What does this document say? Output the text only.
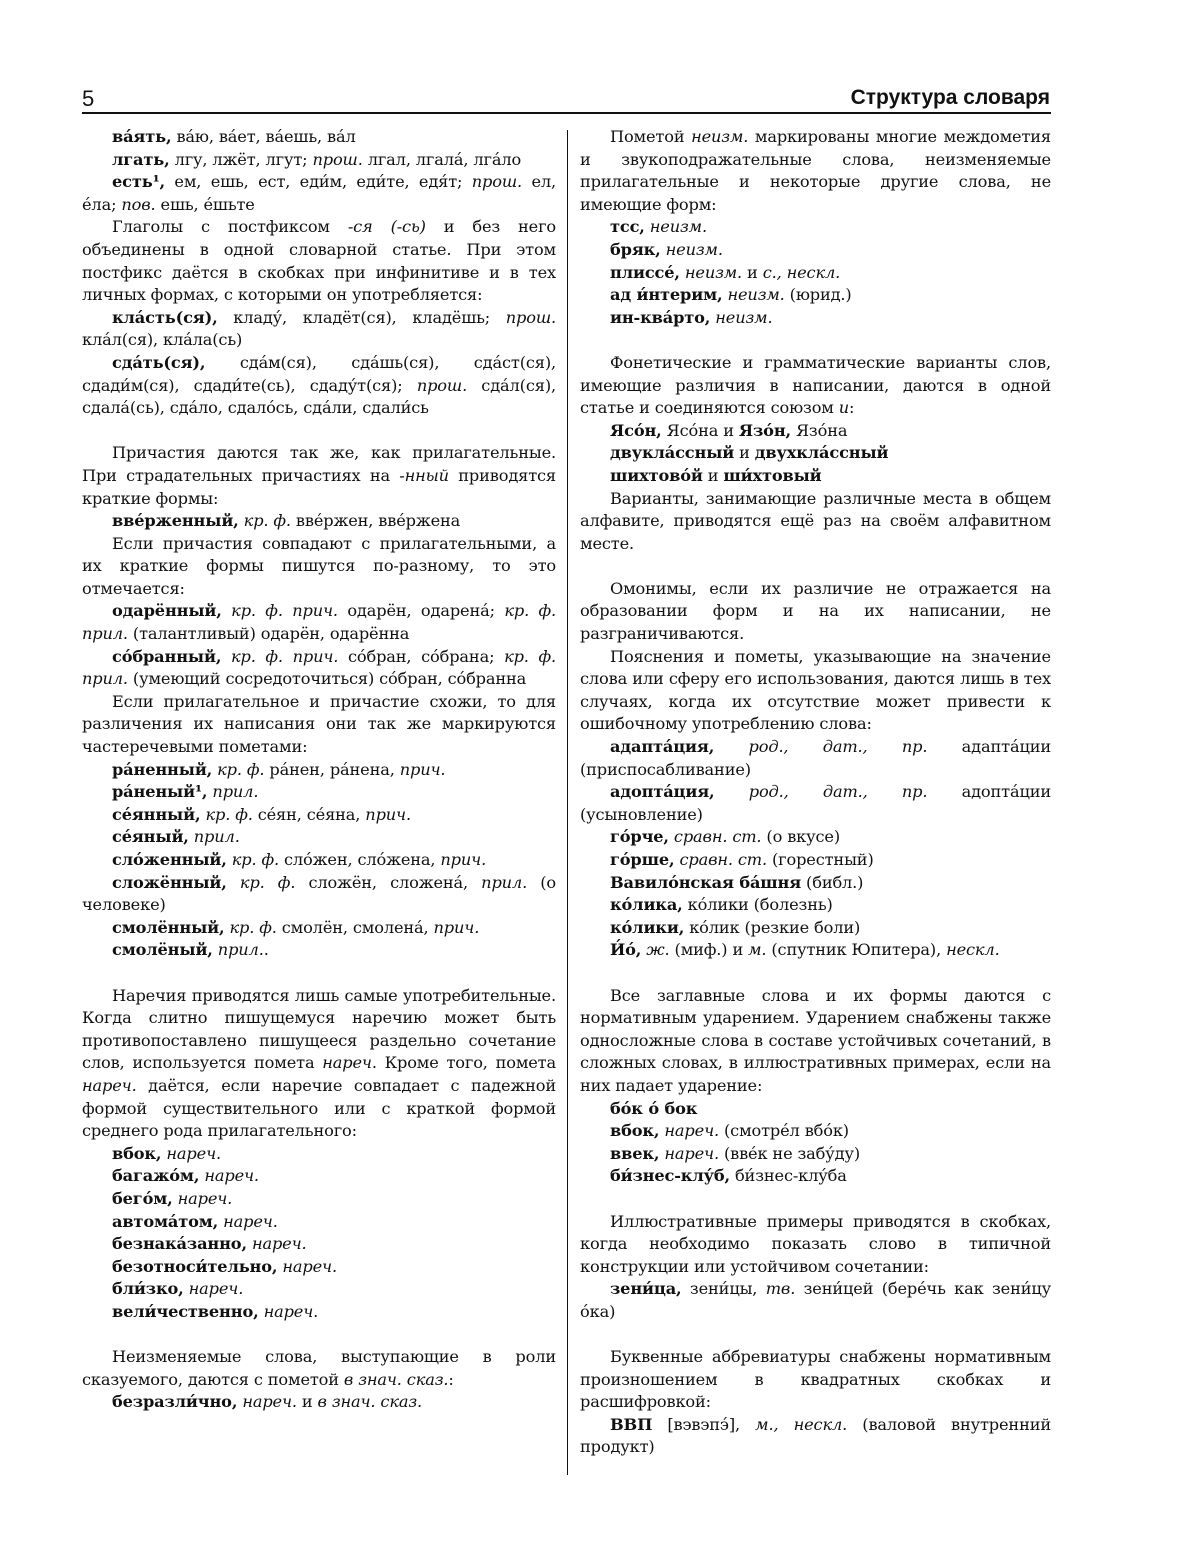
5	Структура словаря

ва́ять, ва́ю, ва́ет, ва́ешь, ва́л

лгать, лгу, лжёт, лгут; прош. лгал, лгала́, лга́ло

есть¹, ем, ешь, ест, еди́м, еди́те, едя́т; прош. ел, е́ла; пов. ешь, е́шьте

Глаголы с постфиксом -ся (-сь) и без него объединены в одной словарной статье. При этом постфикс даётся в скобках при инфинитиве и в тех личных формах, с которыми он употребляется:

кла́сть(ся), кладу́, кладёт(ся), кладёшь; прош. кла́л(ся), кла́ла(сь)

сда́ть(ся), сда́м(ся), сда́шь(ся), сда́ст(ся), сдади́м(ся), сдади́те(сь), сдаду́т(ся); прош. сда́л(ся), сдала́(сь), сда́ло, сдало́сь, сда́ли, сдали́сь

Причастия даются так же, как прилагательные. При страдательных причастиях на -нный приводятся краткие формы:

вве́рженный, кр. ф. вве́ржен, вве́ржена

Если причастия совпадают с прилагательными, а их краткие формы пишутся по-разному, то это отмечается:

одарённый, кр. ф. прич. одарён, одарена́; кр. ф. прил. (талантливый) одарён, одарённа

со́бранный, кр. ф. прич. со́бран, со́брана; кр. ф. прил. (умеющий сосредоточиться) со́бран, со́бранна

Если прилагательное и причастие схожи, то для различения их написания они так же маркируются частеречевыми пометами:

ра́ненный, кр. ф. ра́нен, ра́нена, прич.

ра́неный¹, прил.

се́янный, кр. ф. се́ян, се́яна, прич.

се́яный, прил.

сло́женный, кр. ф. сло́жен, сло́жена, прич.

сложённый, кр. ф. сложён, сложена́, прил. (о человеке)

смолённый, кр. ф. смолён, смолена́, прич.

смолёный, прил..

Наречия приводятся лишь самые употребительные. Когда слитно пишущемуся наречию может быть противопоставлено пишущееся раздельно сочетание слов, используется помета нареч. Кроме того, помета нареч. даётся, если наречие совпадает с падежной формой существительного или с краткой формой среднего рода прилагательного:

вбок, нареч.

багажо́м, нареч.

бего́м, нареч.

автома́том, нареч.

безнака́занно, нареч.

безотноси́тельно, нареч.

бли́зко, нареч.

вели́чественно, нареч.

Неизменяемые слова, выступающие в роли сказуемого, даются с пометой в знач. сказ.:

безразли́чно, нареч. и в знач. сказ.

Пометой неизм. маркированы многие междометия и звукоподражательные слова, неизменяемые прилагательные и некоторые другие слова, не имеющие форм:

тсс, неизм.

бряк, неизм.

плиссе́, неизм. и с., нескл.

ад и́нтерим, неизм. (юрид.)

ин-ква́рто, неизм.

Фонетические и грамматические варианты слов, имеющие различия в написании, даются в одной статье и соединяются союзом и:

Ясо́н, Ясо́на и Язо́н, Язо́на

двукла́ссный и двухкла́ссный

шихтово́й и ши́хтовый

Варианты, занимающие различные места в общем алфавите, приводятся ещё раз на своём алфавитном месте.

Омонимы, если их различие не отражается на образовании форм и на их написании, не разграничиваются.

Пояснения и пометы, указывающие на значение слова или сферу его использования, даются лишь в тех случаях, когда их отсутствие может привести к ошибочному употреблению слова:

адапта́ция, род., дат., пр. адапта́ции (приспосабливание)

адопта́ция, род., дат., пр. адопта́ции (усыновление)

го́рче, сравн. ст. (о вкусе)

го́рше, сравн. ст. (горестный)

Вавило́нская ба́шня (библ.)

ко́лика, ко́лики (болезнь)

ко́лики, ко́лик (резкие боли)

И́о́, ж. (миф.) и м. (спутник Юпитера), нескл.

Все заглавные слова и их формы даются с нормативным ударением. Ударением снабжены также односложные слова в составе устойчивых сочетаний, в сложных словах, в иллюстративных примерах, если на них падает ударение:

бо́к о́ бок

вбок, нареч. (смотре́л вбо́к)

ввек, нареч. (вве́к не забу́ду)

би́знес-клу́б, би́знес-клу́ба

Иллюстративные примеры приводятся в скобках, когда необходимо показать слово в типичной конструкции или устойчивом сочетании:

зени́ца, зени́цы, тв. зени́цей (бере́чь как зени́цу о́ка)

Буквенные аббревиатуры снабжены нормативным произношением в квадратных скобках и расшифровкой:

ВВП [вэвэпэ́], м., нескл. (валовой внутренний продукт)
